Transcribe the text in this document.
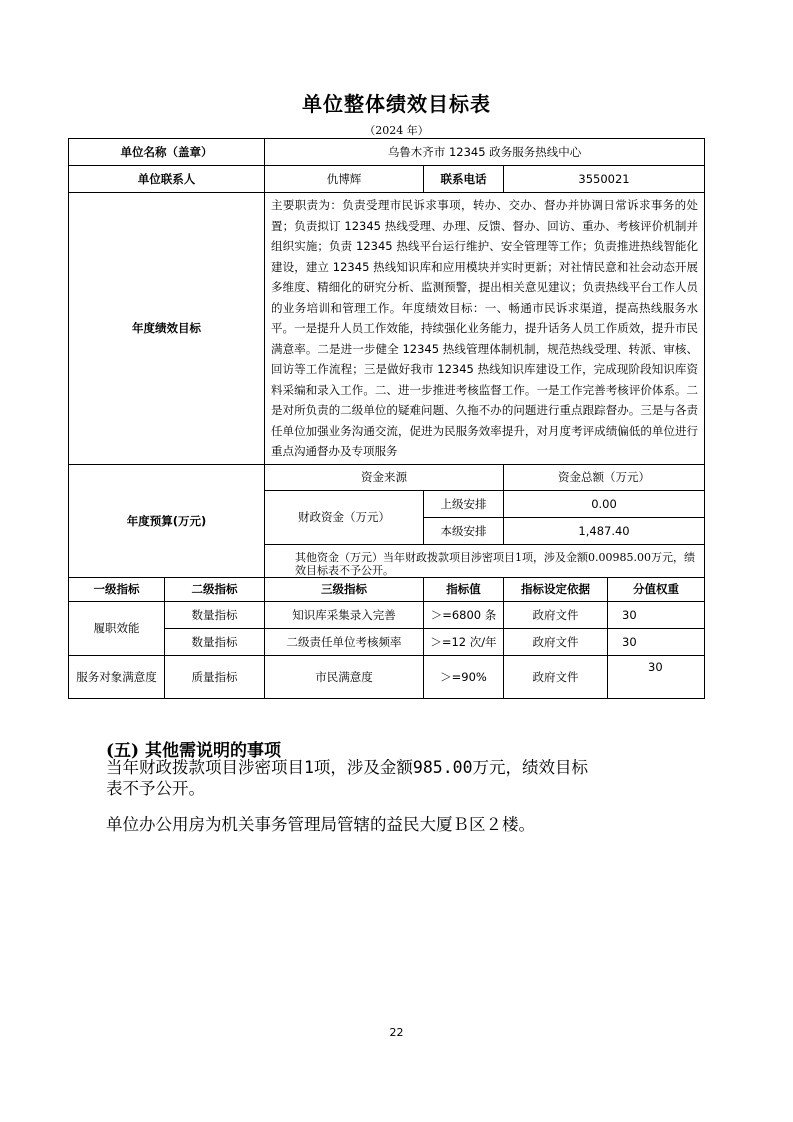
单位整体绩效目标表
（2024 年）
单位名称（盖章）		乌鲁木齐市 12345 政务服务热线中心			
单位联系人		仇博辉	联系电话	3550021	
年度绩效目标		主要职责为：负责受理市民诉求事项，转办、交办、督办并协调日常诉求事务的处置；负责拟订 12345 热线受理、办理、反馈、督办、回访、重办、考核评价机制并组织实施；负责 12345 热线平台运行维护、安全管理等工作；负责推进热线智能化建设，建立 12345 热线知识库和应用模块并实时更新；对社情民意和社会动态开展多维度、精细化的研究分析、监测预警，提出相关意见建议；负责热线平台工作人员的业务培训和管理工作。年度绩效目标：一、畅通市民诉求渠道，提高热线服务水平。一是提升人员工作效能，持续强化业务能力，提升话务人员工作质效，提升市民满意率。二是进一步健全 12345 热线管理体制机制，规范热线受理、转派、审核、回访等工作流程；三是做好我市 12345 热线知识库建设工作，完成现阶段知识库资料采编和录入工作。二、进一步推进考核监督工作。一是工作完善考核评价体系。二是对所负责的二级单位的疑难问题、久拖不办的问题进行重点跟踪督办。三是与各责任单位加强业务沟通交流，促进为民服务效率提升，对月度考评成绩偏低的单位进行重点沟通督办及专项服务			
年度预算(万元)		资金来源		资金总额（万元）	
		财政资金（万元）	上级安排	0.00	
			本级安排	1,487.40	
		其他资金（万元）当年财政拨款项目涉密项目1项，涉及金额0.00985.00万元，绩效目标表不予公开。			
一级指标	二级指标	三级指标	指标值	指标设定依据	分值权重
履职效能	数量指标	知识库采集录入完善	＞=6800 条	政府文件	30
	数量指标	二级责任单位考核频率	＞=12 次/年	政府文件	30
服务对象满意度	质量指标	市民满意度	＞=90%	政府文件	30
(五) 其他需说明的事项
当年财政拨款项目涉密项目1项，涉及金额985.00万元，绩效目标表不予公开。
单位办公用房为机关事务管理局管辖的益民大厦Ｂ区２楼。
22
